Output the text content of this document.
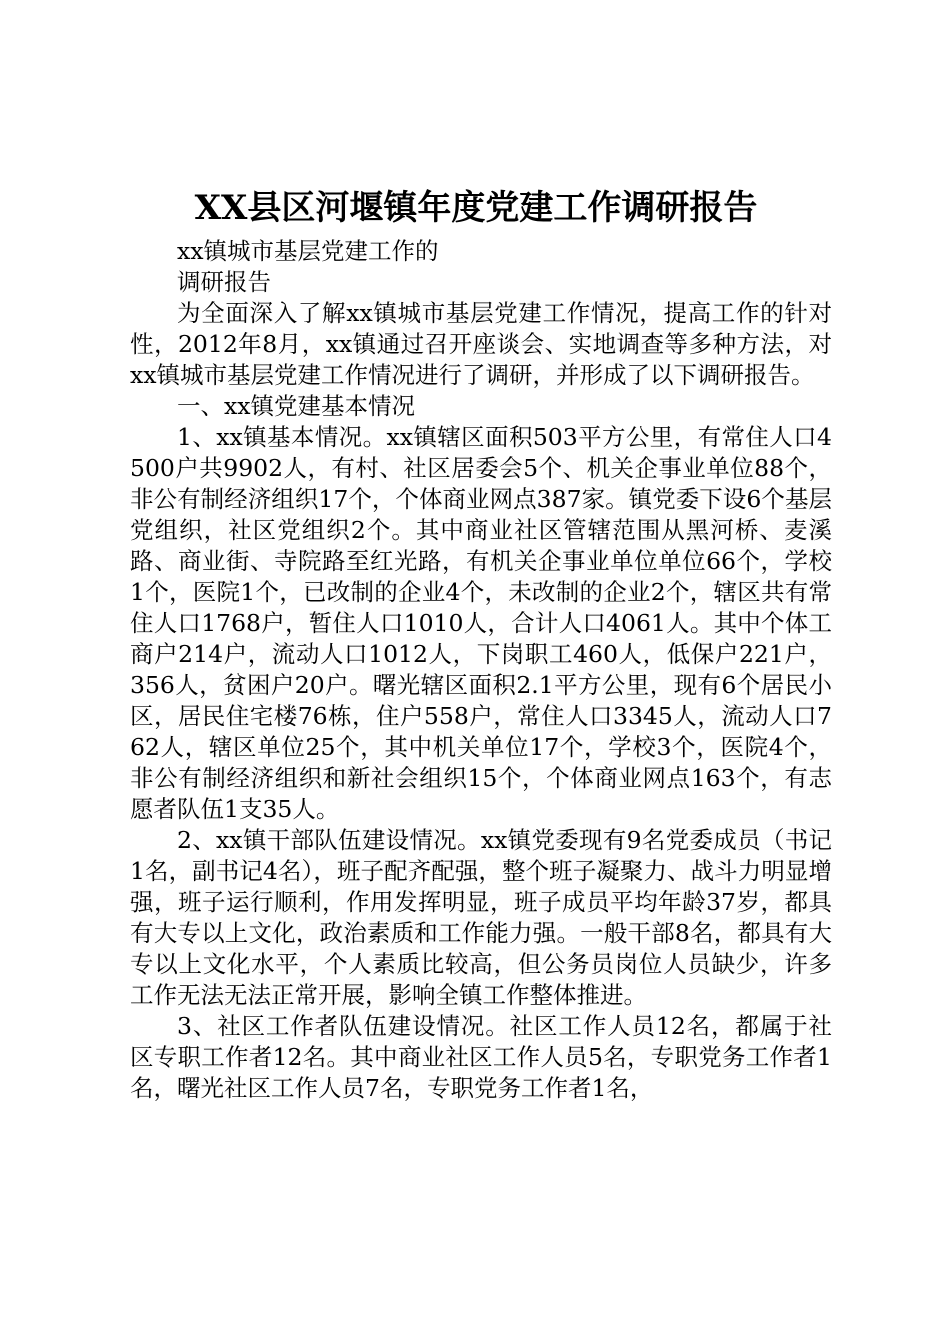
XX县区河堰镇年度党建工作调研报告

xx镇城市基层党建工作的

调研报告

为全面深入了解xx镇城市基层党建工作情况，提高工作的针对性，2012年8月，xx镇通过召开座谈会、实地调查等多种方法，对xx镇城市基层党建工作情况进行了调研，并形成了以下调研报告。

一、xx镇党建基本情况

1、xx镇基本情况。xx镇辖区面积503平方公里，有常住人口4500户共9902人，有村、社区居委会5个、机关企事业单位88个，非公有制经济组织17个，个体商业网点387家。镇党委下设6个基层党组织，社区党组织2个。其中商业社区管辖范围从黑河桥、麦溪路、商业街、寺院路至红光路，有机关企事业单位单位66个，学校1个，医院1个，已改制的企业4个，未改制的企业2个，辖区共有常住人口1768户，暂住人口1010人，合计人口4061人。其中个体工商户214户，流动人口1012人，下岗职工460人，低保户221户，356人，贫困户20户。曙光辖区面积2.1平方公里，现有6个居民小区，居民住宅楼76栋，住户558户，常住人口3345人，流动人口762人，辖区单位25个，其中机关单位17个，学校3个，医院4个，非公有制经济组织和新社会组织15个，个体商业网点163个，有志愿者队伍1支35人。

2、xx镇干部队伍建设情况。xx镇党委现有9名党委成员（书记1名，副书记4名），班子配齐配强，整个班子凝聚力、战斗力明显增强，班子运行顺利，作用发挥明显，班子成员平均年龄37岁，都具有大专以上文化，政治素质和工作能力强。一般干部8名，都具有大专以上文化水平，个人素质比较高，但公务员岗位人员缺少，许多工作无法无法正常开展，影响全镇工作整体推进。

3、社区工作者队伍建设情况。社区工作人员12名，都属于社区专职工作者12名。其中商业社区工作人员5名，专职党务工作者1名，曙光社区工作人员7名，专职党务工作者1名，
